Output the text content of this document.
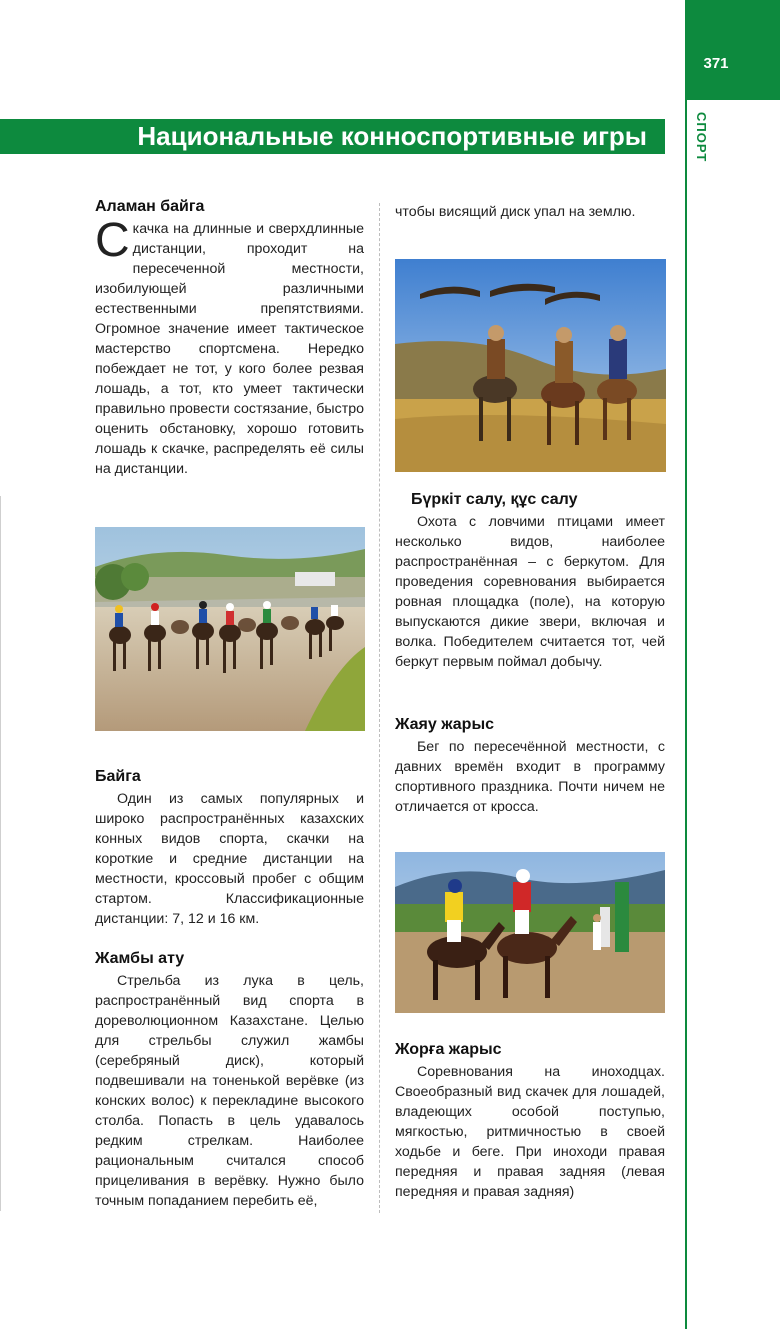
371
СПОРТ
Национальные конноспортивные игры
Аламан байга
Скачка на длинные и сверхдлинные дистанции, проходит на пересеченной местности, изобилующей различными естественными препятствиями. Огромное значение имеет тактическое мастерство спортсмена. Нередко побеждает не тот, у кого более резвая лошадь, а тот, кто умеет тактически правильно провести состязание, быстро оценить обстановку, хорошо готовить лошадь к скачке, распределять её силы на дистанции.
Байга
Один из самых популярных и широко распространённых казахских конных видов спорта, скачки на короткие и средние дистанции на местности, кроссовый пробег с общим стартом. Классификационные дистанции: 7, 12 и 16 км.
Жамбы ату
Стрельба из лука в цель, распространённый вид спорта в дореволюционном Казахстане. Целью для стрельбы служил жамбы (серебряный диск), который подвешивали на тоненькой верёвке (из конских волос) к перекладине высокого столба. Попасть в цель удавалось редким стрелкам. Наиболее рациональным считался способ прицеливания в верёвку. Нужно было точным попаданием перебить её,
чтобы висящий диск упал на землю.
Бүркіт салу, құс салу
Охота с ловчими птицами имеет несколько видов, наиболее распространённая – с беркутом. Для проведения соревнования выбирается ровная площадка (поле), на которую выпускаются дикие звери, включая и волка. Победителем считается тот, чей беркут первым поймал добычу.
Жаяу жарыс
Бег по пересечённой местности, с давних времён входит в программу спортивного праздника. Почти ничем не отличается от кросса.
Жорға жарыс
Соревнования на иноходцах. Своеобразный вид скачек для лошадей, владеющих особой поступью, мягкостью, ритмичностью в своей ходьбе и беге. При иноходи правая передняя и правая задняя (левая передняя и правая задняя)
